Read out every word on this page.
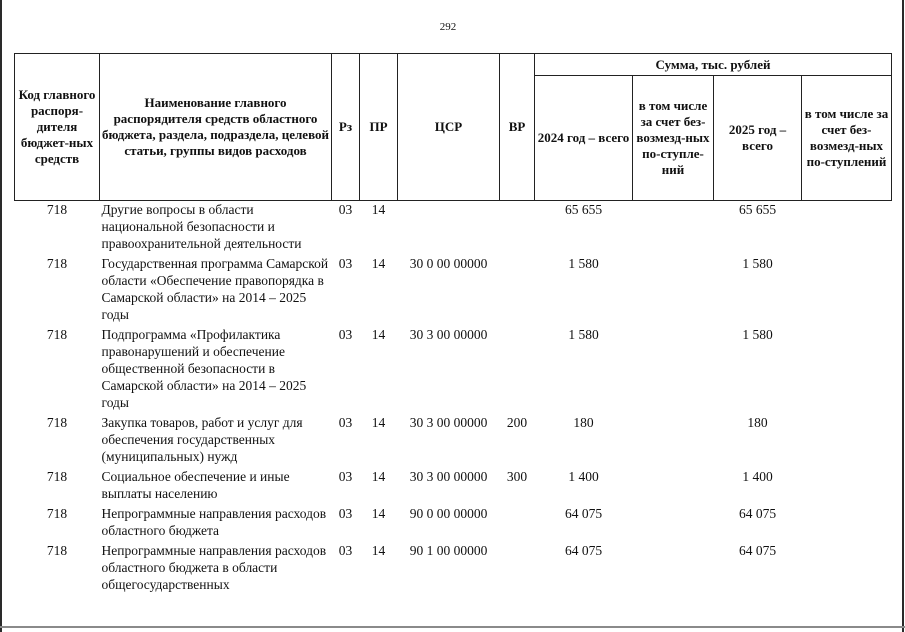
292
Код главного распоря-дителя бюджет-ных средств	Наименование главного распорядителя средств областного бюджета, раздела, подраздела, целевой статьи, группы видов расходов	Рз	ПР	ЦСР	ВР	Сумма, тыс. рублей			
						2024 год – всего	в том числе за счет без-возмезд-ных по-ступле-ний	2025 год – всего	в том числе за счет без-возмезд-ных по-ступлений
718	Другие вопросы в области национальной безопасности и правоохранительной деятельности	03	14			65 655		65 655	
718	Государственная программа Самарской области «Обеспечение правопорядка в Самарской области» на 2014 – 2025 годы	03	14	30 0 00 00000		1 580		1 580	
718	Подпрограмма «Профилактика правонарушений и обеспечение общественной безопасности в Самарской области» на 2014 – 2025 годы	03	14	30 3 00 00000		1 580		1 580	
718	Закупка товаров, работ и услуг для обеспечения государственных (муниципальных) нужд	03	14	30 3 00 00000	200	180		180	
718	Социальное обеспечение и иные выплаты населению	03	14	30 3 00 00000	300	1 400		1 400	
718	Непрограммные направления расходов областного бюджета	03	14	90 0 00 00000		64 075		64 075	
718	Непрограммные направления расходов областного бюджета в области общегосударственных	03	14	90 1 00 00000		64 075		64 075	
